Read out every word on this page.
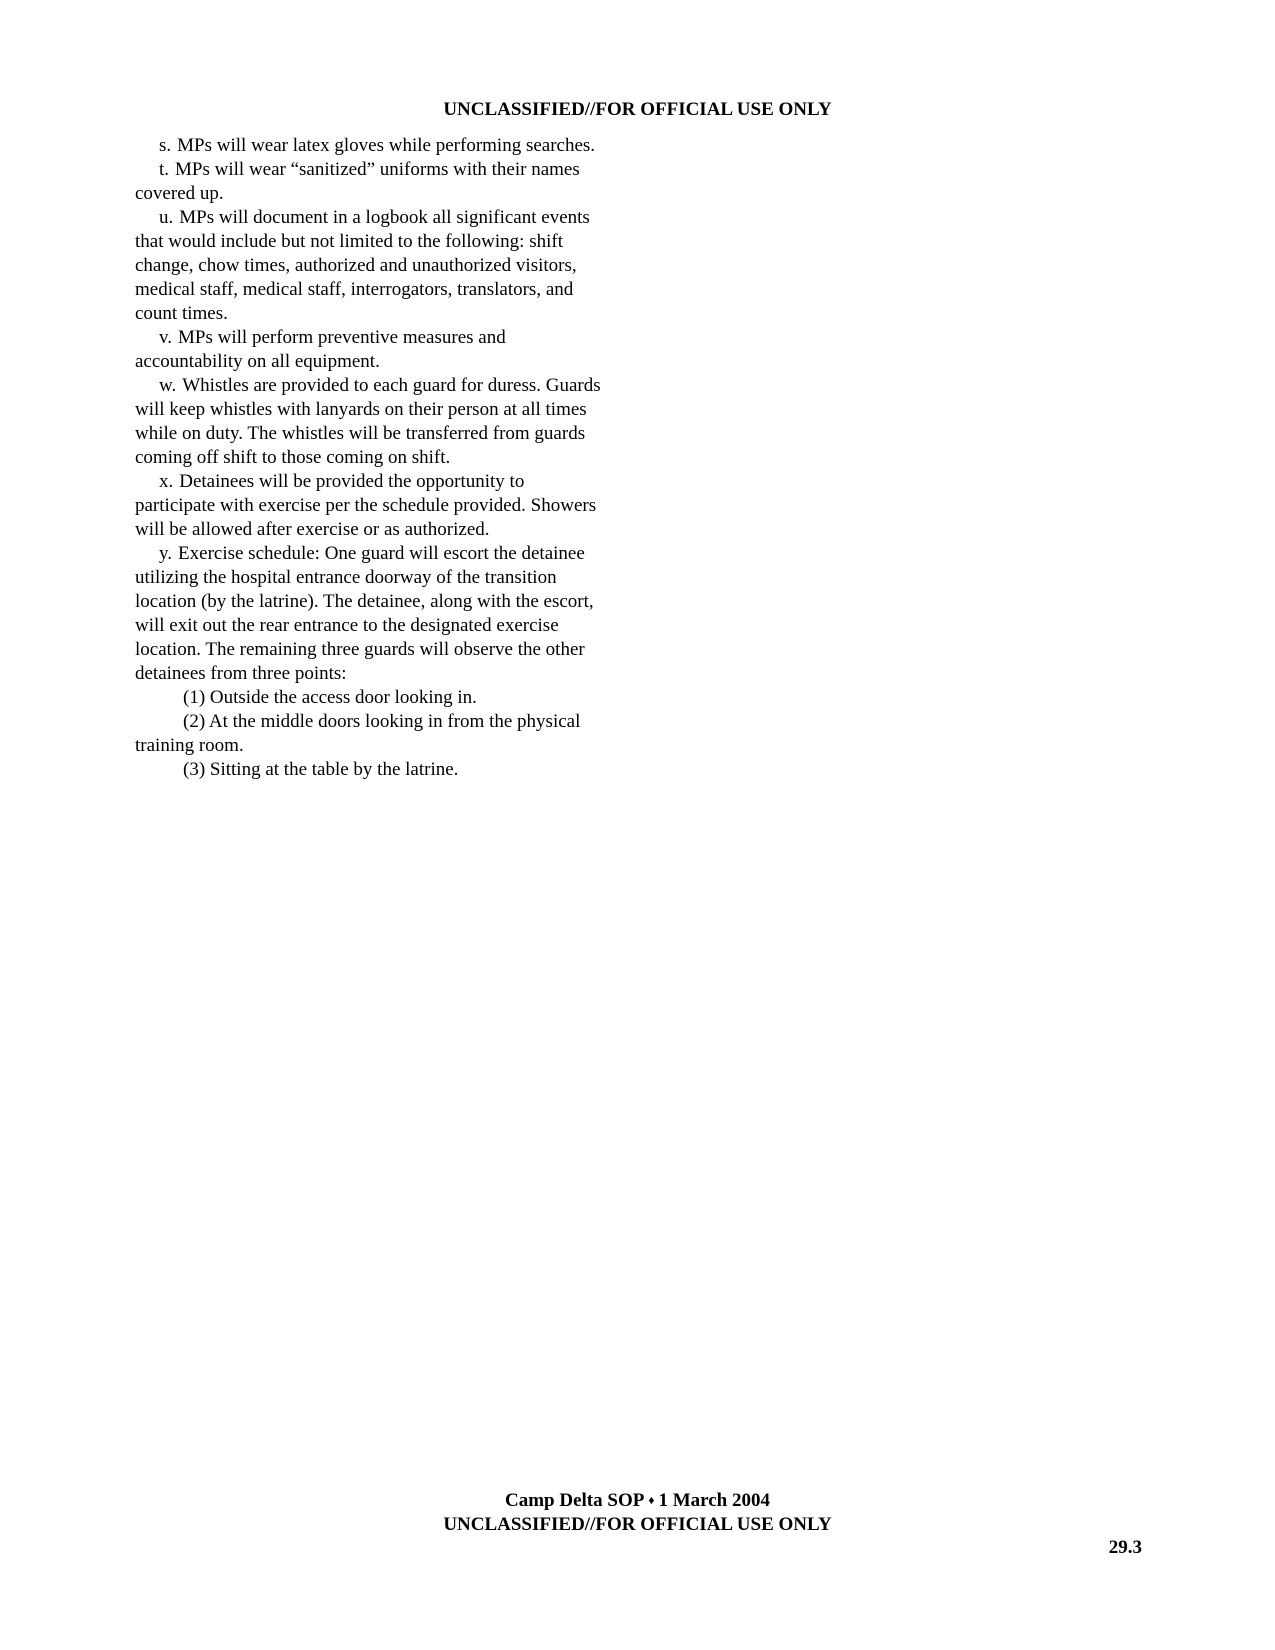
UNCLASSIFIED//FOR OFFICIAL USE ONLY

s. MPs will wear latex gloves while performing searches.

t. MPs will wear “sanitized” uniforms with their names covered up.

u. MPs will document in a logbook all significant events that would include but not limited to the following: shift change, chow times, authorized and unauthorized visitors, medical staff, medical staff, interrogators, translators, and count times.

v. MPs will perform preventive measures and accountability on all equipment.

w. Whistles are provided to each guard for duress. Guards will keep whistles with lanyards on their person at all times while on duty. The whistles will be transferred from guards coming off shift to those coming on shift.

x. Detainees will be provided the opportunity to participate with exercise per the schedule provided. Showers will be allowed after exercise or as authorized.

y. Exercise schedule: One guard will escort the detainee utilizing the hospital entrance doorway of the transition location (by the latrine). The detainee, along with the escort, will exit out the rear entrance to the designated exercise location. The remaining three guards will observe the other detainees from three points:

(1) Outside the access door looking in.

(2) At the middle doors looking in from the physical training room.

(3) Sitting at the table by the latrine.

Camp Delta SOP ♦ 1 March 2004
UNCLASSIFIED//FOR OFFICIAL USE ONLY
29.3
